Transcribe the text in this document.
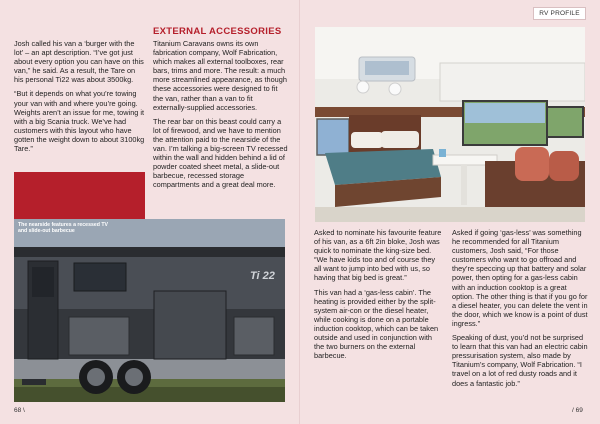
Josh called his van a ‘burger with the lot’ – an apt description. “I’ve got just about every option you can have on this van,” he said. As a result, the Tare on his personal Ti22 was about 3500kg.

“But it depends on what you’re towing your van with and where you’re going. Weights aren’t an issue for me, towing it with a big Scania truck. We’ve had customers with this layout who have gotten the weight down to about 3100kg Tare.”

EXTERNAL ACCESSORIES

Titanium Caravans owns its own fabrication company, Wolf Fabrication, which makes all external toolboxes, rear bars, trims and more. The result: a much more streamlined appearance, as though these accessories were designed to fit the van, rather than a van to fit externally-supplied accessories.

The rear bar on this beast could carry a lot of firewood, and we have to mention the attention paid to the nearside of the van. I’m talking a big-screen TV recessed within the wall and hidden behind a lid of powder coated sheet metal, a slide-out barbecue, recessed storage compartments and a great deal more.

Ti 22
The nearside features a recessed TV and slide-out barbecue
68 \
RV PROFILE

Asked to nominate his favourite feature of his van, as a 6ft 2in bloke, Josh was quick to nominate the king-size bed. “We have kids too and of course they all want to jump into bed with us, so having that big bed is great.”

This van had a ‘gas-less cabin’. The heating is provided either by the split-system air-con or the diesel heater, while cooking is done on a portable induction cooktop, which can be taken outside and used in conjunction with the two burners on the external barbecue.

Asked if going ‘gas-less’ was something he recommended for all Titanium customers, Josh said, “For those customers who want to go offroad and they’re speccing up that battery and solar power, then opting for a gas-less cabin with an induction cooktop is a great option. The other thing is that if you go for a diesel heater, you can delete the vent in the door, which we know is a point of dust ingress.”

Speaking of dust, you’d not be surprised to learn that this van had an electric cabin pressurisation system, also made by Titanium’s company, Wolf Fabrication. “I travel on a lot of red dusty roads and it does a fantastic job.”

/ 69
